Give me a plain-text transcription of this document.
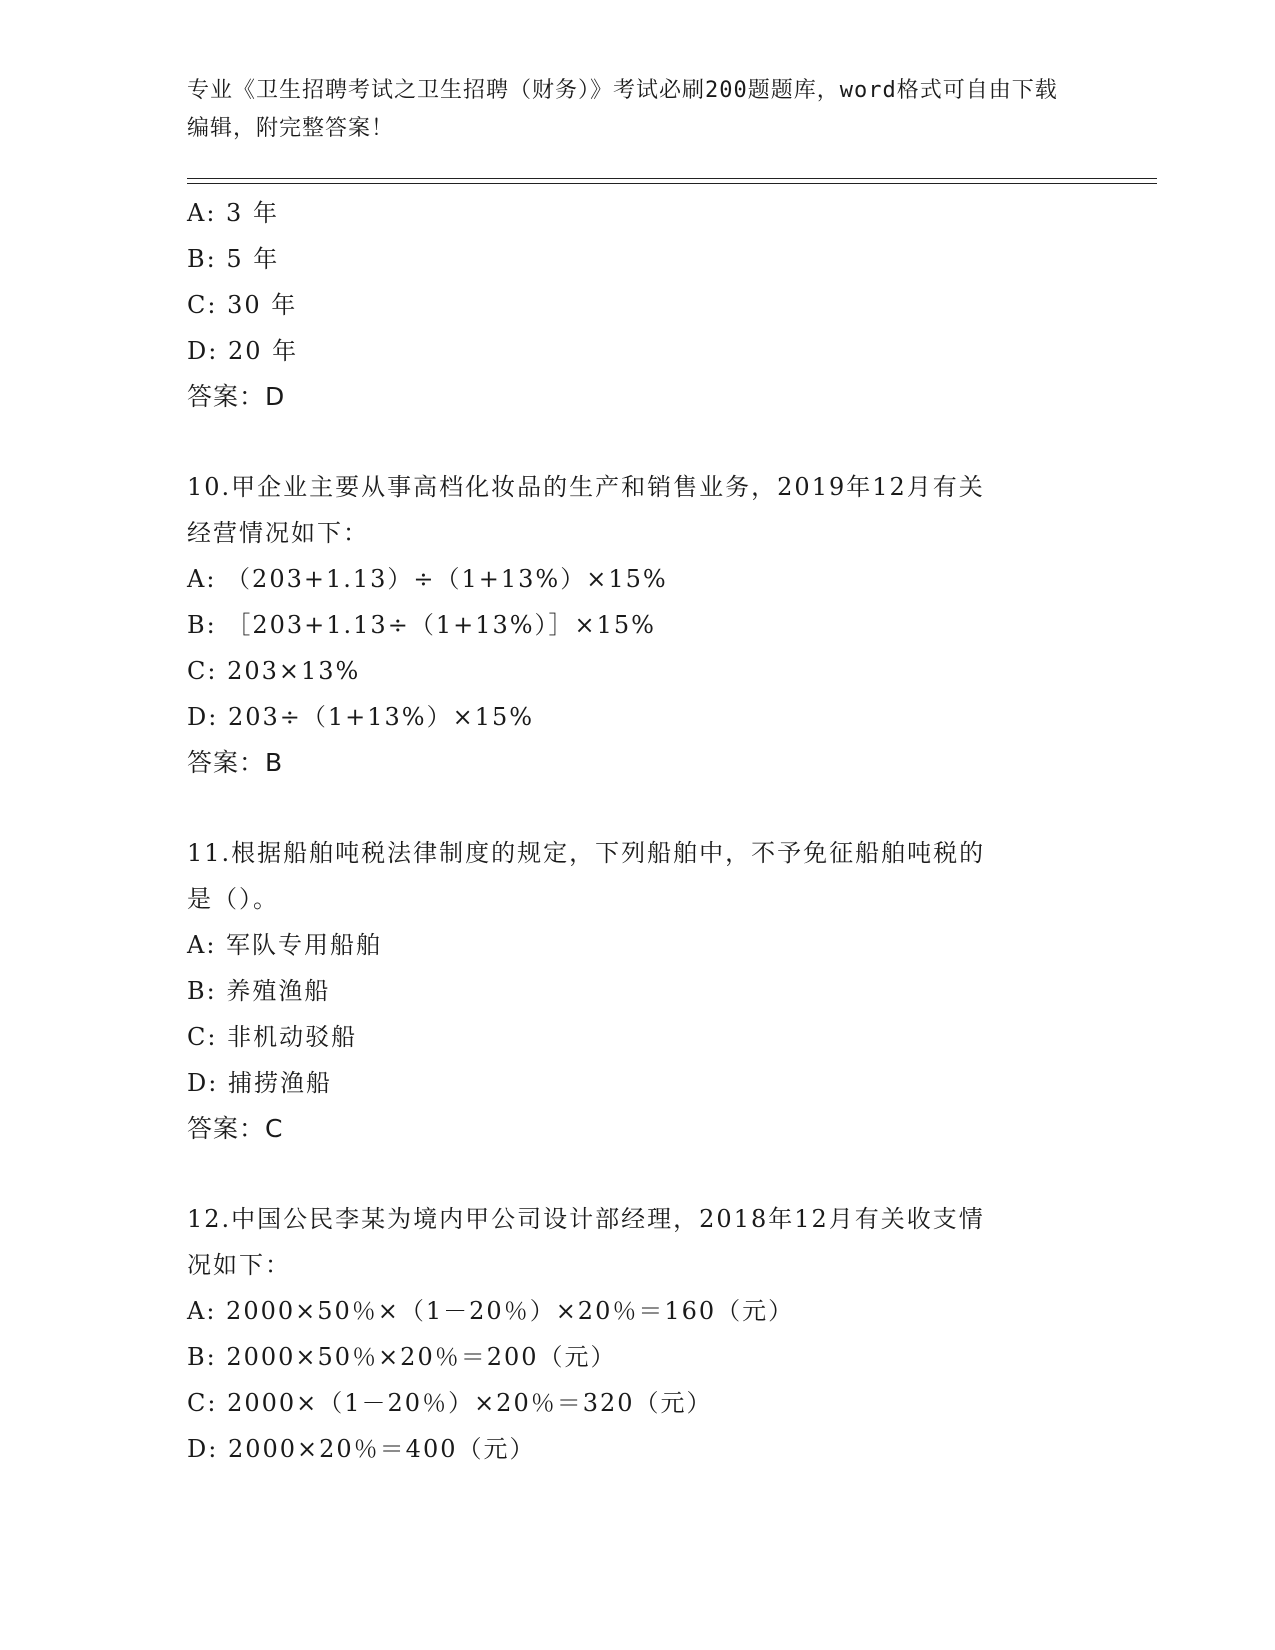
专业《卫生招聘考试之卫生招聘（财务）》考试必刷200题题库，word格式可自由下载编辑，附完整答案！
A: 3 年
B: 5 年
C: 30 年
D: 20 年
答案：D
10.甲企业主要从事高档化妆品的生产和销售业务，2019年12月有关
经营情况如下：
A: （203+1.13）÷（1+13%）×15%
B: ［203+1.13÷（1+13%）］×15%
C: 203×13%
D: 203÷（1+13%）×15%
答案：B
11.根据船舶吨税法律制度的规定，下列船舶中，不予免征船舶吨税的
是（）。
A: 军队专用船舶
B: 养殖渔船
C: 非机动驳船
D: 捕捞渔船
答案：C
12.中国公民李某为境内甲公司设计部经理，2018年12月有关收支情
况如下：
A: 2000×50％×（1－20％）×20％＝160（元）
B: 2000×50％×20％＝200（元）
C: 2000×（1－20％）×20％＝320（元）
D: 2000×20％＝400（元）
